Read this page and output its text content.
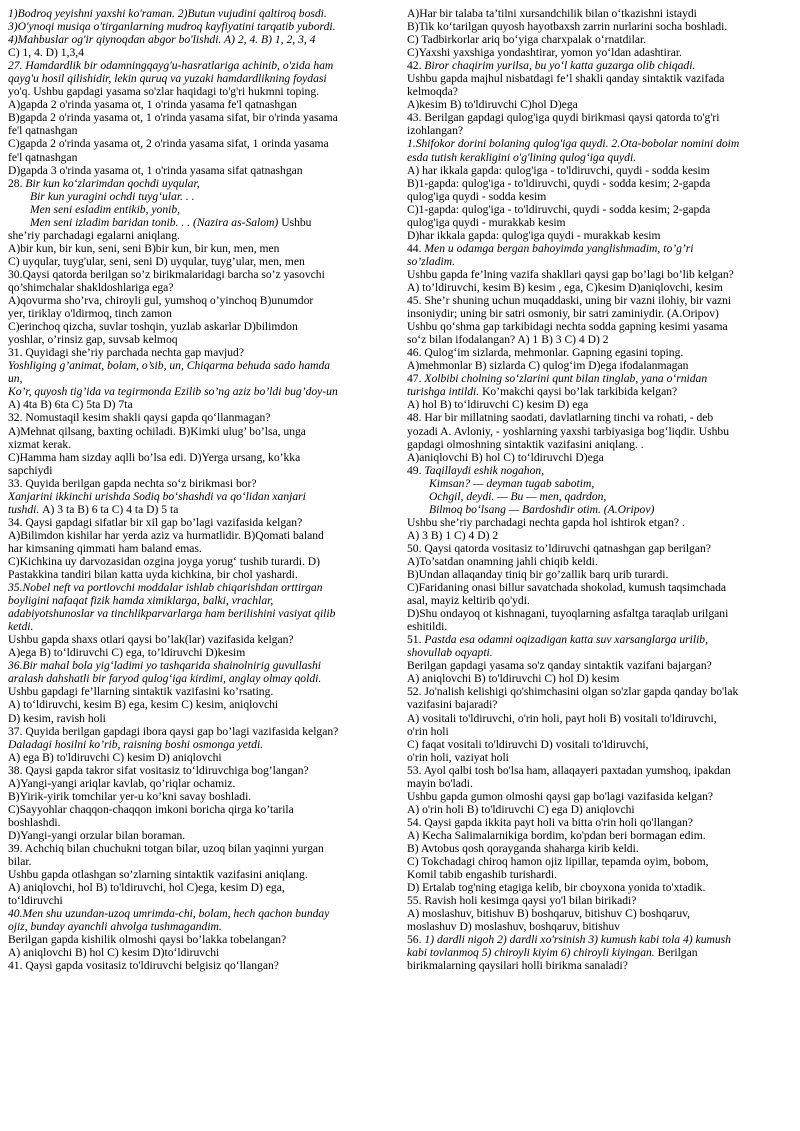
1)Bodroq yeyishni yaxshi ko'raman. 2)Butun vujudini qaltiroq bosdi.
3)O'ynoqi musiqa o'tirganlarning mudroq kayfiyatini tarqatib yubordi.
4)Mahbuslar og'ir qiynoqdan abgor bo'lishdi. A) 2, 4. B) 1, 2, 3, 4
C) 1, 4. D) 1,3,4
27. Hamdardlik bir odamningqayg'u-hasratlariga achinib, o'zida ham
qayg'u hosil qilishidir, lekin quruq va yuzaki hamdardlikning foydasi
yo'q. Ushbu gapdagi yasama so'zlar haqidagi to'g'ri hukmni toping.
A)gapda 2 o'rinda yasama ot, 1 o'rinda yasama fe'l qatnashgan
B)gapda 2 o'rinda yasama ot, 1 o'rinda yasama sifat, bir o'rinda yasama
fe'l qatnashgan
C)gapda 2 o'rinda yasama ot, 2 o'rinda yasama sifat, 1 orinda yasama
fe'l qatnashgan
D)gapda 3 o'rinda yasama ot, 1 o'rinda yasama sifat qatnashgan
28. Bir kun ko‘zlarimdan qochdi uyqular,
Bir kun yuragini ochdi tuyg‘ular. . .
Men seni esladim entikib, yonib,
Men seni izladim baridan tonib. . . (Nazira as-Salom) Ushbu
she’riy parchadagi egalarni aniqlang.
A)bir kun, bir kun, seni, seni B)bir kun, bir kun, men, men
C) uyqular, tuyg'ular, seni, seni D) uyqular, tuyg’ular, men, men
30.Qaysi qatorda berilgan so’z birikmalaridagi barcha so’z yasovchi
qo’shimchalar shakldoshlariga ega?
A)qovurma sho’rva, chiroyli gul, yumshoq o’yinchoq B)unumdor
yer, tiriklay o'ldirmoq, tinch zamon
C)erinchoq qizcha, suvlar toshqin, yuzlab askarlar D)bilimdon
yoshlar, o’rinsiz gap, suvsab kelmoq
31. Quyidagi she’riy parchada nechta gap mavjud?
Yoshliging g’animat, bolam, o’sib, un, Chiqarma behuda sado hamda
un,
Ko’r, quyosh tig’ida va tegirmonda Ezilib so’ng aziz bo’ldi bug’doy-un
A) 4ta B) 6ta C) 5ta D) 7ta
32. Nomustaqil kesim shakli qaysi gapda qo‘llanmagan?
A)Mehnat qilsang, baxting ochiladi. B)Kimki ulug’ bo’lsa, unga
xizmat kerak.
C)Hamma ham sizday aqlli bo’lsa edi. D)Yerga ursang, ko’kka
sapchiydi
33. Quyida berilgan gapda nechta so‘z birikmasi bor?
Xanjarini ikkinchi urishda Sodiq bo‘shashdi va qo‘lidan xanjari
tushdi. A) 3 ta B) 6 ta C) 4 ta D) 5 ta
34. Qaysi gapdagi sifatlar bir xil gap bo’lagi vazifasida kelgan?
A)Bilimdon kishilar har yerda aziz va hurmatlidir. B)Qomati baland
har kimsaning qimmati ham baland emas.
C)Kichkina uy darvozasidan ozgina joyga yorug‘ tushib turardi. D)
Pastakkina tandiri bilan katta uyda kichkina, bir chol yashardi.
35.Nobel neft va portlovchi moddalar ishlab chiqarishdan orttirgan
boyligini nafaqat fizik hamda ximiklarga, balki, vrachlar,
adabiyotshunoslar va tinchlikparvarlarga ham berilishini vasiyat qilib
ketdi.
Ushbu gapda shaxs otlari qaysi bo’lak(lar) vazifasida kelgan?
A)ega B) to‘ldiruvchi C) ega, to’ldiruvchi D)kesim
36.Bir mahal bola yig‘ladimi yo tashqarida shainolnirig guvullashi
aralash dahshatli bir faryod qulog‘iga kirdimi, anglay olmay qoldi.
Ushbu gapdagi fe’llarning sintaktik vazifasini ko’rsating.
A) to‘ldiruvchi, kesim B) ega, kesim C) kesim, aniqlovchi
D) kesim, ravish holi
37. Quyida berilgan gapdagi ibora qaysi gap bo’lagi vazifasida kelgan?
Daladagi hosilni ko’rib, raisning boshi osmonga yetdi.
A) ega B) to'ldiruvchi C) kesim D) aniqlovchi
38. Qaysi gapda takror sifat vositasiz to‘ldiruvchiga bog’langan?
A)Yangi-yangi ariqlar kavlab, qo’riqlar ochamiz.
B)Yirik-yirik tomchilar yer-u ko’kni savay boshladi.
C)Sayyohlar chaqqon-chaqqon imkoni boricha qirga ko’tarila
boshlashdi.
D)Yangi-yangi orzular bilan boraman.
39. Achchiq bilan chuchukni totgan bilar, uzoq bilan yaqinni yurgan
bilar.
Ushbu gapda otlashgan so’zlarning sintaktik vazifasini aniqlang.
A) aniqlovchi, hol B) to'ldiruvchi, hol C)ega, kesim D) ega,
to‘ldiruvchi
40.Men shu uzundan-uzoq umrimda-chi, bolam, hech qachon bunday
ojiz, bunday ayanchli ahvolga tushmagandim.
Berilgan gapda kishilik olmoshi qaysi bo’lakka tobelangan?
A) aniqlovchi B) hol C) kesim D)to‘ldiruvchi
41. Qaysi gapda vositasiz to'ldiruvchi belgisiz qo‘llangan?
A)Har bir talaba ta’tilni xursandchilik bilan o‘tkazishni istaydi
B)Tik ko‘tarilgan quyosh hayotbaxsh zarrin nurlarini socha boshladi.
C) Tadbirkorlar ariq bo‘yiga charxpalak o‘rnatdilar.
C)Yaxshi yaxshiga yondashtirar, yomon yo‘ldan adashtirar.
42. Biror chaqirim yurilsa, bu yo‘l katta guzarga olib chiqadi.
Ushbu gapda majhul nisbatdagi fe’l shakli qanday sintaktik vazifada
kelmoqda?
A)kesim B) to'ldiruvchi C)hol D)ega
43. Berilgan gapdagi qulog'iga quydi birikmasi qaysi qatorda to'g'ri
izohlangan?
1.Shifokor dorini bolaning qulog'iga quydi. 2.Ota-bobolar nomini doim
esda tutish kerakligini o'g'lining qulog‘iga quydi.
A) har ikkala gapda: qulog'iga - to'ldiruvchi, quydi - sodda kesim
B)1-gapda: qulog'iga - to'ldiruvchi, quydi - sodda kesim; 2-gapda
qulog'iga quydi - sodda kesim
C)1-gapda: qulog'iga - to'ldiruvchi, quydi - sodda kesim; 2-gapda
qulog'iga quydi - murakkab kesim
D)har ikkala gapda: qulog'iga quydi - murakkab kesim
44. Men u odamga bergan bahoyimda yanglishmadim, to’g’ri
so’zladim.
Ushbu gapda fe’lning vazifa shakllari qaysi gap bo’lagi bo’lib kelgan?
A) to’ldiruvchi, kesim B) kesim , ega, C)kesim D)aniqlovchi, kesim
45. She’r shuning uchun muqaddaski, uning bir vazni ilohiy, bir vazni
insoniydir; uning bir satri osmoniy, bir satri zaminiydir. (A.Oripov)
Ushbu qo‘shma gap tarkibidagi nechta sodda gapning kesimi yasama
so‘z bilan ifodalangan? A) 1 B) 3 C) 4 D) 2
46. Qulog‘im sizlarda, mehmonlar. Gapning egasini toping.
A)mehmonlar B) sizlarda C) qulog‘im D)ega ifodalanmagan
47. Xolbibi cholning so‘zlarini qunt bilan tinglab, yana o‘rnidan
turishga intildi. Ko’makchi qaysi bo’lak tarkibida kelgan?
A) hol B) to‘ldiruvchi C) kesim D) ega
48. Har bir millatning saodati, davlatlarning tinchi va rohati, - deb
yozadi A. Avloniy, - yoshlarning yaxshi tarbiyasiga bog‘liqdir. Ushbu
gapdagi olmoshning sintaktik vazifasini aniqlang. .
A)aniqlovchi B) hol C) to‘ldiruvchi D)ega
49. Taqillaydi eshik nogahon,
Kimsan? — deyman tugab sabotim,
Ochgil, deydi. — Bu — men, qadrdon,
Bilmoq bo‘lsang — Bardoshdir otim. (A.Oripov)
Ushbu she’riy parchadagi nechta gapda hol ishtirok etgan? .
A) 3 B) 1 C) 4 D) 2
50. Qaysi qatorda vositasiz to’ldiruvchi qatnashgan gap berilgan?
A)To’satdan onamning jahli chiqib keldi.
B)Undan allaqanday tiniq bir go’zallik barq urib turardi.
C)Faridaning onasi billur savatchada shokolad, kumush taqsimchada
asal, mayiz keltirib qo'ydi.
D)Shu ondayoq ot kishnagani, tuyoqlarning asfaltga taraqlab urilgani
eshitildi.
51. Pastda esa odamni oqizadigan katta suv xarsanglarga urilib,
shovullab oqyapti.
Berilgan gapdagi yasama so'z qanday sintaktik vazifani bajargan?
A) aniqlovchi B) to'ldiruvchi C) hol D) kesim
52. Jo'nalish kelishigi qo'shimchasini olgan so'zlar gapda qanday bo'lak
vazifasini bajaradi?
A) vositali to'ldiruvchi, o'rin holi, payt holi B) vositali to'ldiruvchi,
o'rin holi
C) faqat vositali to'ldiruvchi D) vositali to'ldiruvchi,
o'rin holi, vaziyat holi
53. Ayol qalbi tosh bo'lsa ham, allaqayeri paxtadan yumshoq, ipakdan
mayin bo'ladi.
Ushbu gapda gumon olmoshi qaysi gap bo'lagi vazifasida kelgan?
A) o'rin holi B) to'ldiruvchi C) ega D) aniqlovchi
54. Qaysi gapda ikkita payt holi va bitta o'rin holi qo'llangan?
A) Kecha Salimalarnikiga bordim, ko'pdan beri bormagan edim.
B) Avtobus qosh qorayganda shaharga kirib keldi.
C) Tokchadagi chiroq hamon ojiz lipillar, tepamda oyim, bobom,
Komil tabib engashib turishardi.
D) Ertalab tog'ning etagiga kelib, bir cboyxona yonida to'xtadik.
55. Ravish holi kesimga qaysi yo'l bilan birikadi?
A) moslashuv, bitishuv B) boshqaruv, bitishuv C) boshqaruv,
moslashuv D) moslashuv, boshqaruv, bitishuv
56. 1) dardli nigoh 2) dardli xo'rsinish 3) kumush kabi tola 4) kumush
kabi tovlanmoq 5) chiroyli kiyim 6) chiroyli kiyingan. Berilgan
birikmalarning qaysilari holli birikma sanaladi?
